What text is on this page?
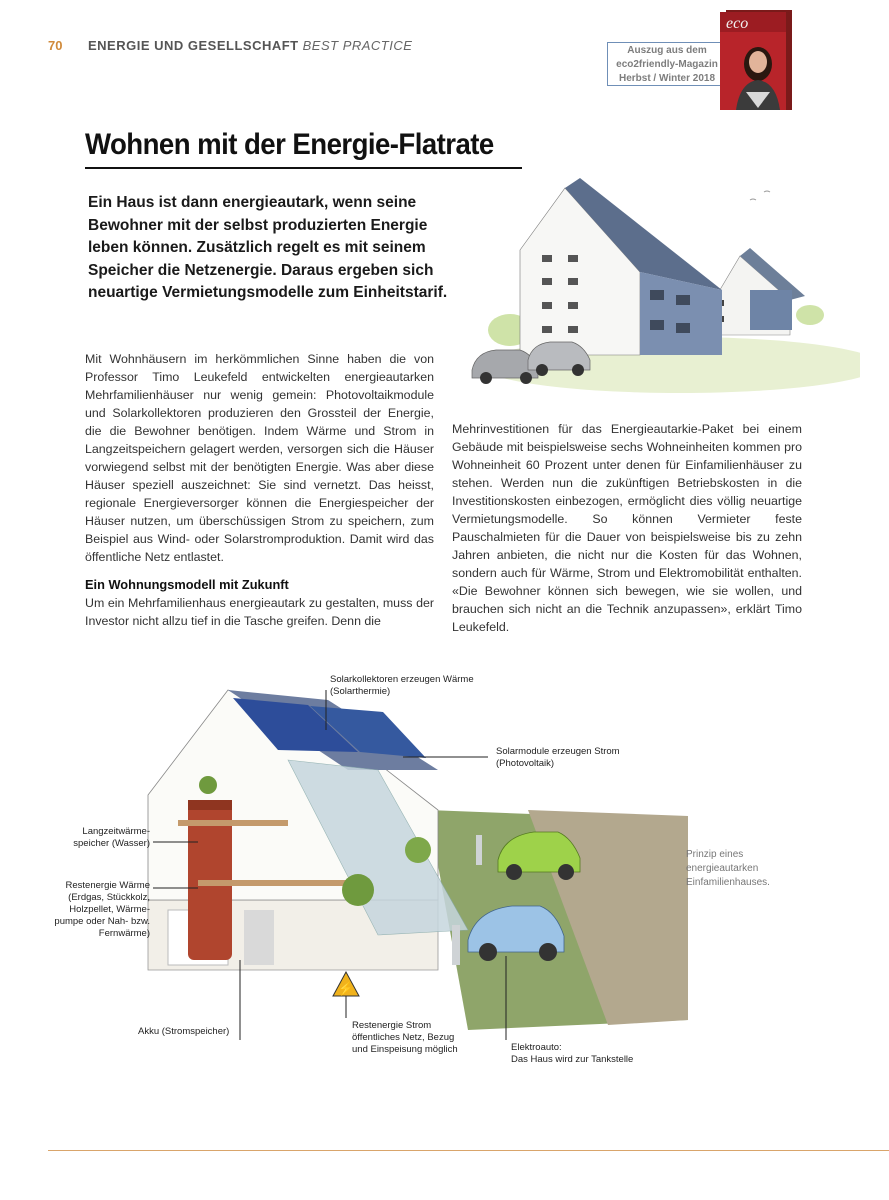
70 ENERGIE UND GESELLSCHAFT BEST PRACTICE	Auszug aus dem
eco2friendly-Magazin
Herbst / Winter 2018
eco
Wohnen mit der Energie-Flatrate
Ein Haus ist dann energieautark, wenn seine Bewohner mit der selbst produzierten Energie leben können. Zusätzlich regelt es mit seinem Speicher die Netzenergie. Daraus ergeben sich neuartige Vermietungsmodelle zum Einheitstarif.
Mit Wohnhäusern im herkömmlichen Sinne haben die von Professor Timo Leukefeld entwickelten energieautarken Mehrfamilienhäuser nur wenig gemein: Photovoltaikmodule und Solarkollektoren produzieren den Grossteil der Energie, die die Bewohner benötigen. Indem Wärme und Strom in Langzeitspeichern gelagert werden, versorgen sich die Häuser vorwiegend selbst mit der benötigten Energie. Was aber diese Häuser speziell auszeichnet: Sie sind vernetzt. Das heisst, regionale Energieversorger können die Energiespeicher der Häuser nutzen, um überschüssigen Strom zu speichern, zum Beispiel aus Wind- oder Solarstromproduktion. Damit wird das öffentliche Netz entlastet.
Ein Wohnungsmodell mit Zukunft
Um ein Mehrfamilienhaus energieautark zu gestalten, muss der Investor nicht allzu tief in die Tasche greifen. Denn die
Mehrinvestitionen für das Energieautarkie-Paket bei einem Gebäude mit beispielsweise sechs Wohneinheiten kommen pro Wohneinheit 60 Prozent unter denen für Einfamilienhäuser zu stehen. Werden nun die zukünftigen Betriebskosten in die Investitionskosten einbezogen, ermöglicht dies völlig neuartige Vermietungsmodelle. So können Vermieter feste Pauschalmieten für die Dauer von beispielsweise bis zu zehn Jahren anbieten, die nicht nur die Kosten für das Wohnen, sondern auch für Wärme, Strom und Elektromobilität enthalten. «Die Bewohner können sich bewegen, wie sie wollen, und brauchen sich nicht an die Technik anzupassen», erklärt Timo Leukefeld.
⚡
Solarkollektoren erzeugen Wärme
(Solarthermie)
Solarmodule erzeugen Strom
(Photovoltaik)
Langzeitwärme-
speicher (Wasser)
Restenergie Wärme
(Erdgas, Stückkolz,
Holzpellet, Wärme-
pumpe oder Nah- bzw.
Fernwärme)
Akku (Stromspeicher)
Restenergie Strom
öffentliches Netz, Bezug
und Einspeisung möglich	Elektroauto:
Das Haus wird zur Tankstelle
Prinzip eines
energieautarken
Einfamilienhauses.
